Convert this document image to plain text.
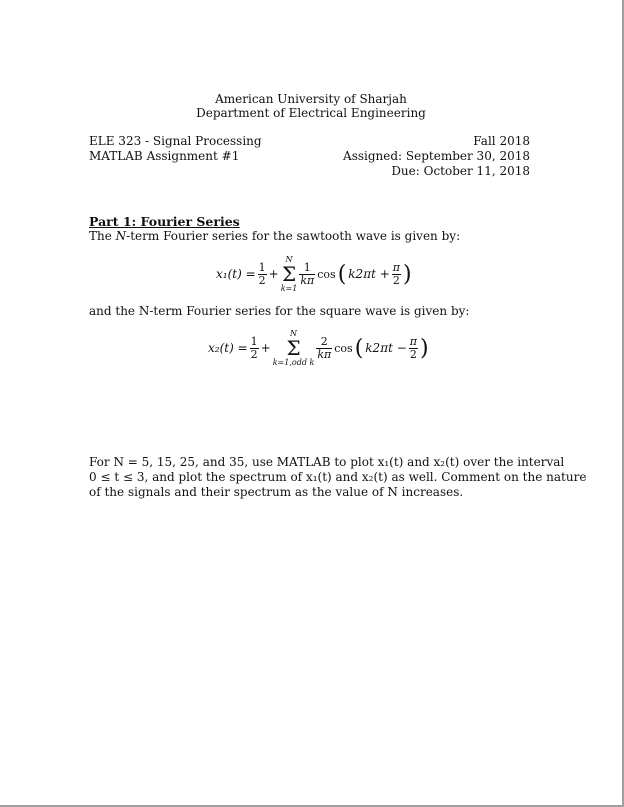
American University of Sharjah
Department of Electrical Engineering
ELE 323 - Signal Processing
MATLAB Assignment #1
Fall 2018
Assigned: September 30, 2018
Due: October 11, 2018
Part 1: Fourier Series
The N-term Fourier series for the sawtooth wave is given by:
$x_1(t) = \frac{1}{2}$ +
N
Σ
k=1
$\frac{1}{k\pi}$ cos ( $k2\pi t + \frac{\pi}{2}$ )
and the N-term Fourier series for the square wave is given by:
$x_2(t) = \frac{1}{2}$ +
N
Σ
k=1,odd k
$\frac{2}{k\pi}$ cos ( $k2\pi t - \frac{\pi}{2}$ )
For N = 5, 15, 25, and 35, use MATLAB to plot x₁(t) and x₂(t) over the interval
0 ≤ t ≤ 3, and plot the spectrum of x₁(t) and x₂(t) as well. Comment on the nature
of the signals and their spectrum as the value of N increases.
